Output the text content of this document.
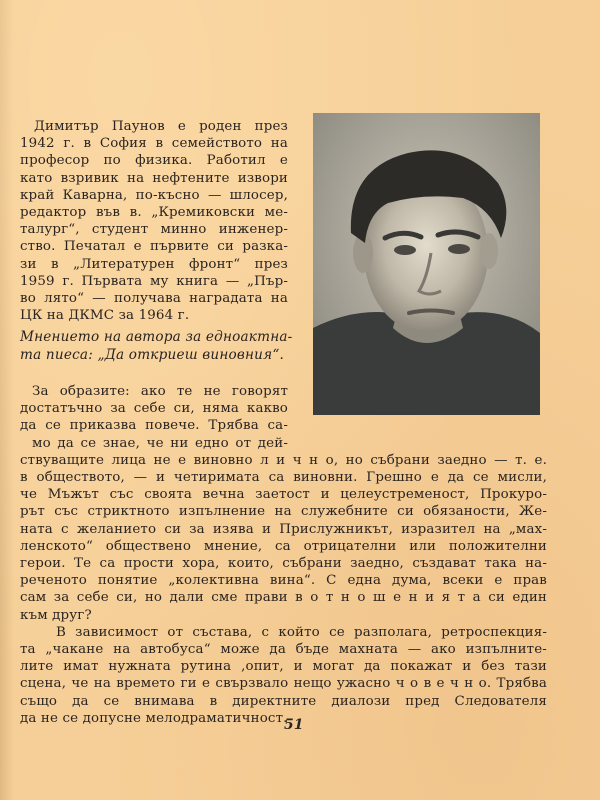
Димитър Паунов е роден през
1942 г. в София в семейството на
професор по физика. Работил е
като взривик на нефтените извори
край Каварна, по-късно — шлосер,
редактор във в. „Кремиковски ме-
талург“, студент минно инженер-
ство. Печатал е първите си разка-
зи в „Литературен фронт“ през
1959 г. Първата му книга — „Пър-
во лято“ — получава наградата на
ЦК на ДКМС за 1964 г.
Мнението на автора за едноактна-
та пиеса: „Да откриеш виновния“.
За образите: ако те не говорят
достатъчно за себе си, няма какво
да се приказва повече. Трябва са-
мо да се знае, че ни едно от дей-
ствуващите лица не е виновно л и ч н о, но събрани заедно — т. е.
в обществото, — и четиримата са виновни. Грешно е да се мисли,
че Мъжът със своята вечна заетост и целеустременост, Прокуро-
рът със стриктното изпълнение на служебните си обязаности, Же-
ната с желанието си за изява и Прислужникът, изразител на „мах-
ленското“ обществено мнение, са отрицателни или положителни
герои. Те са прости хора, които, събрани заедно, създават така на-
реченото понятие „колективна вина“. С една дума, всеки е прав
сам за себе си, но дали сме прави в о т н о ш е н и я т а си един
към друг?
В зависимост от състава, с който се разполага, ретроспекция-
та „чакане на автобуса“ може да бъде махната — ако изпълните-
лите имат нужната рутина ,опит, и могат да покажат и без тази
сцена, че на времето ги е свързвало нещо ужасно ч о в е ч н о. Трябва
също да се внимава в директните диалози пред Следователя
да не се допусне мелодраматичност.
51
